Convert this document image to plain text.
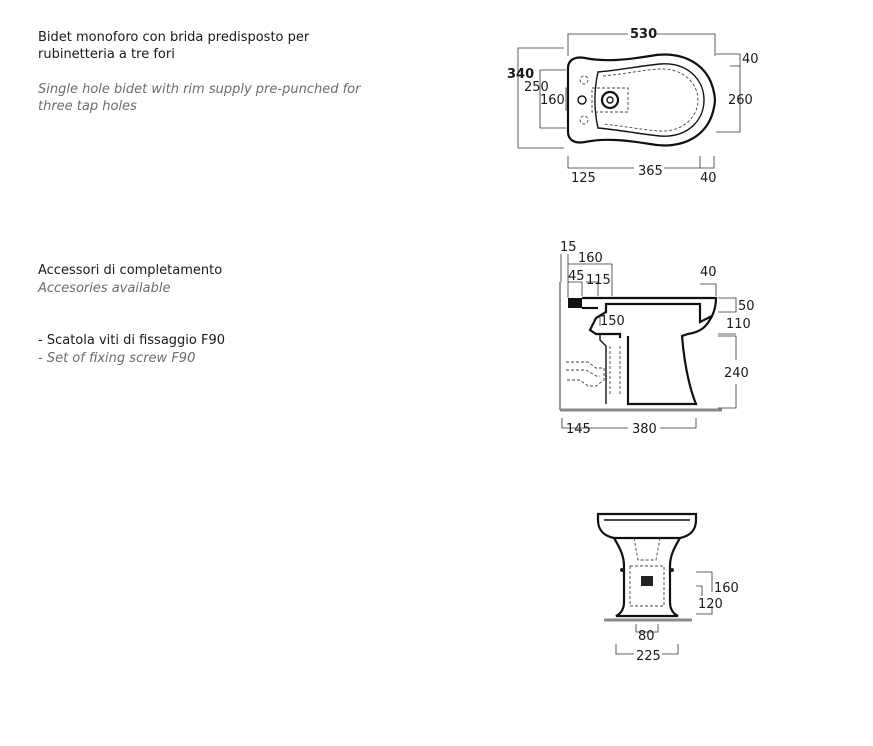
Bidet monoforo con brida predisposto per rubinetteria a tre fori
Single hole bidet with rim supply pre-punched for three tap holes
Accessori di completamento
Accesories available
- Scatola viti di fissaggio F90
- Set of fixing screw F90
530
340
250
160
40
260
125	365	40
15
160
45 115
40
50
110
150
240
145	380
160
120
80
225
